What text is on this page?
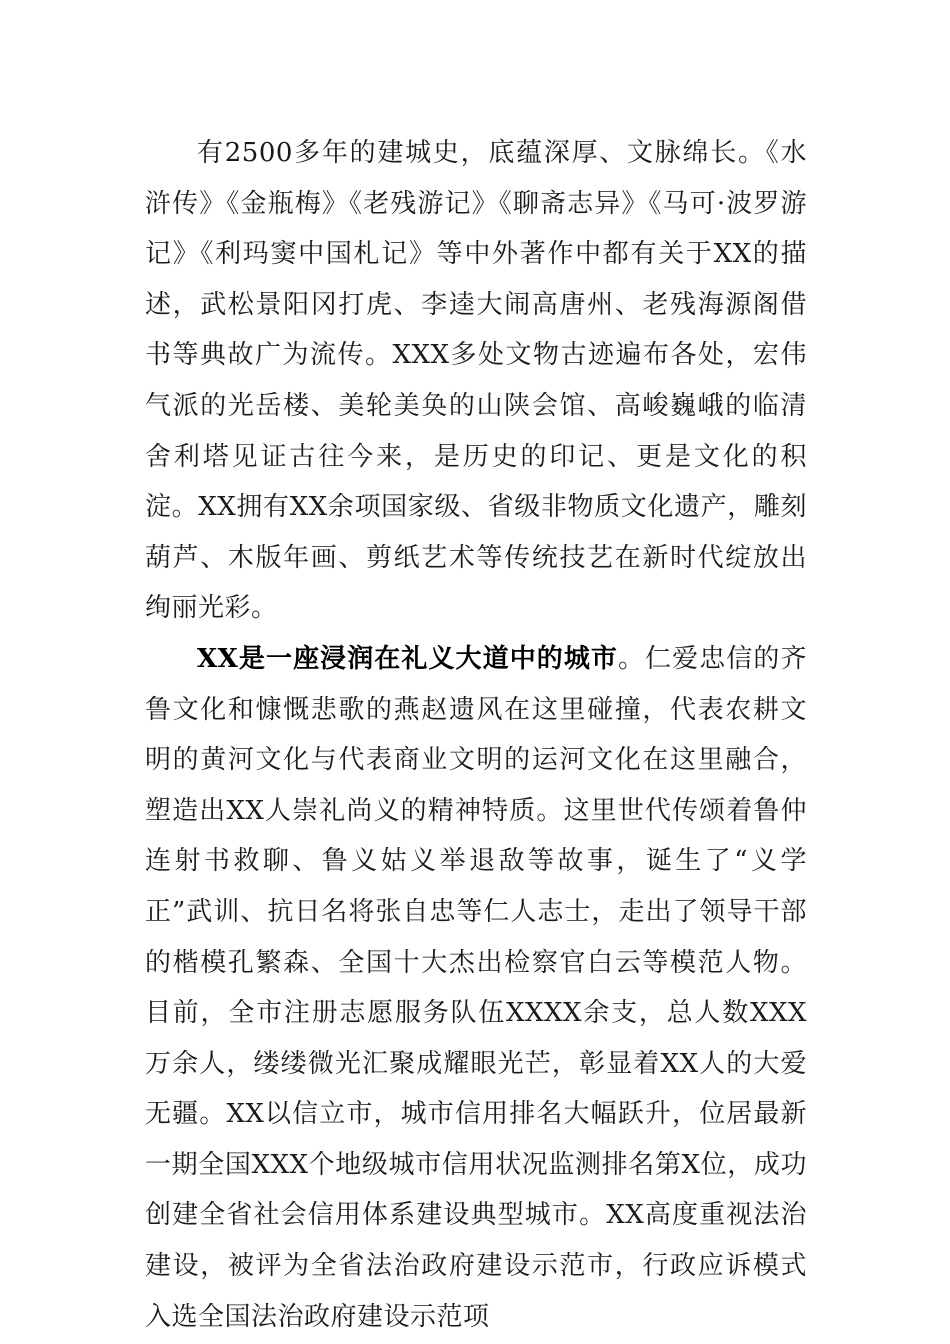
有2500多年的建城史，底蕴深厚、文脉绵长。《水浒传》《金瓶梅》《老残游记》《聊斋志异》《马可·波罗游记》《利玛窦中国札记》等中外著作中都有关于XX的描述，武松景阳冈打虎、李逵大闹高唐州、老残海源阁借书等典故广为流传。XXX多处文物古迹遍布各处，宏伟气派的光岳楼、美轮美奂的山陕会馆、高峻巍峨的临清舍利塔见证古往今来，是历史的印记、更是文化的积淀。XX拥有XX余项国家级、省级非物质文化遗产，雕刻葫芦、木版年画、剪纸艺术等传统技艺在新时代绽放出绚丽光彩。

XX是一座浸润在礼义大道中的城市。仁爱忠信的齐鲁文化和慷慨悲歌的燕赵遗风在这里碰撞，代表农耕文明的黄河文化与代表商业文明的运河文化在这里融合，塑造出XX人崇礼尚义的精神特质。这里世代传颂着鲁仲连射书救聊、鲁义姑义举退敌等故事，诞生了“义学正”武训、抗日名将张自忠等仁人志士，走出了领导干部的楷模孔繁森、全国十大杰出检察官白云等模范人物。目前，全市注册志愿服务队伍XXXX余支，总人数XXX万余人，缕缕微光汇聚成耀眼光芒，彰显着XX人的大爱无疆。XX以信立市，城市信用排名大幅跃升，位居最新一期全国XXX个地级城市信用状况监测排名第X位，成功创建全省社会信用体系建设典型城市。XX高度重视法治建设，被评为全省法治政府建设示范市，行政应诉模式入选全国法治政府建设示范项
